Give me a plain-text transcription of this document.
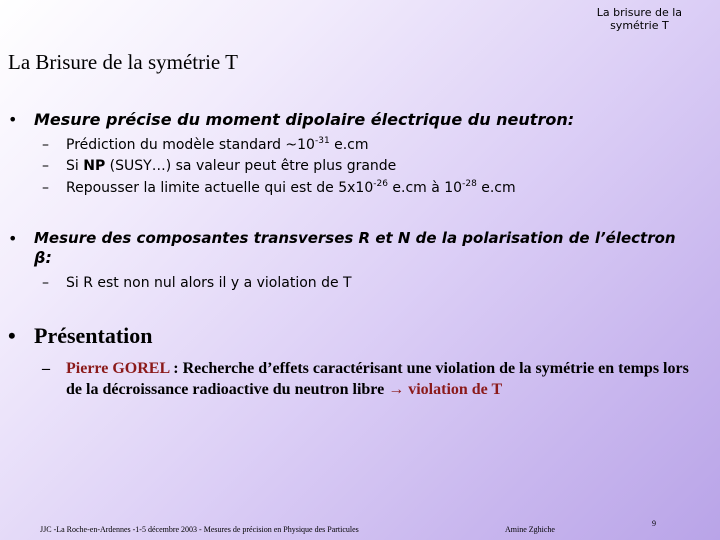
La brisure de la
symétrie T
La Brisure de la symétrie T
• Mesure précise du moment dipolaire électrique du neutron:
– Prédiction du modèle standard $\sim 10^{-31}$ e.cm
– Si NP (SUSY…) sa valeur peut être plus grande
– Repousser la limite actuelle qui est de $5x10^{-26}$ e.cm à $10^{-28}$ e.cm
• Mesure des composantes transverses R et N de la polarisation de l’électron
β:
– Si R est non nul alors il y a violation de T
• Présentation
– Pierre GOREL : Recherche d’effets caractérisant une violation de la symétrie en temps lors de la décroissance radioactive du neutron libre → violation de T
JJC -La Roche-en-Ardennes -1-5 décembre 2003 - Mesures de précision en Physique des Particules	Amine Zghiche
9
